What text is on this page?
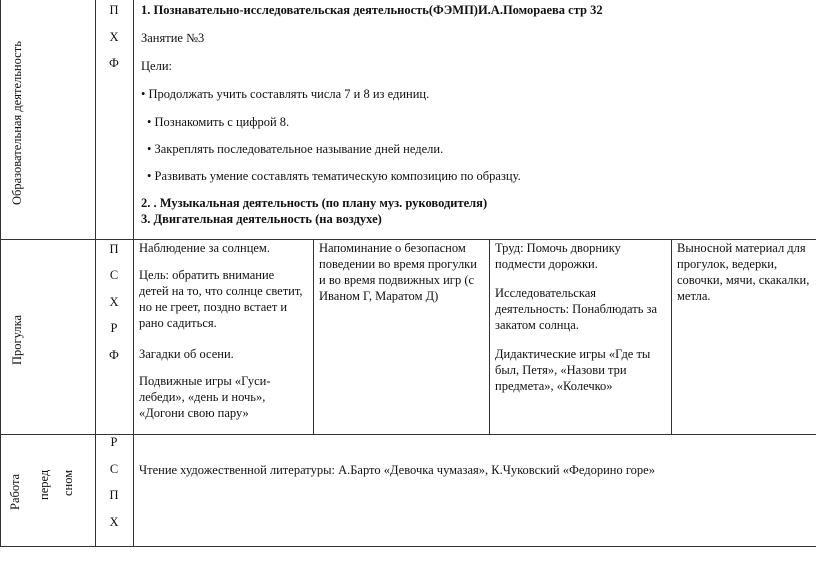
Образовательная деятельность
П
Х
Ф
1. Познавательно-исследовательская деятельность(ФЭМП)И.А.Помораева стр 32
Занятие №3
Цели:
• Продолжать учить составлять числа 7 и 8 из единиц.
• Познакомить с цифрой 8.
• Закреплять последовательное называние дней недели.
• Развивать умение составлять тематическую композицию по образцу.
2. . Музыкальная деятельность (по плану муз. руководителя)
3. Двигательная деятельность (на воздухе)
Прогулка
П
С
Х
Р
Ф
Наблюдение за солнцем.
Цель: обратить внимание детей на то, что солнце светит, но не греет, поздно встает и рано садиться.
Загадки об осени.
Подвижные игры «Гуси-лебеди», «день и ночь», «Догони свою пару»
Напоминание о безопасном поведении во время прогулки и во время подвижных игр (с Иваном Г, Маратом Д)
Труд: Помочь дворнику подмести дорожки.
Исследовательская деятельность: Понаблюдать за закатом солнца.
Дидактические игры «Где ты был, Петя», «Назови три предмета», «Колечко»
Выносной материал для прогулок, ведерки, совочки, мячи, скакалки, метла.
Работа перед сном
Р
С
П
Х
Чтение художественной литературы: А.Барто «Девочка чумазая», К.Чуковский «Федорино горе»
